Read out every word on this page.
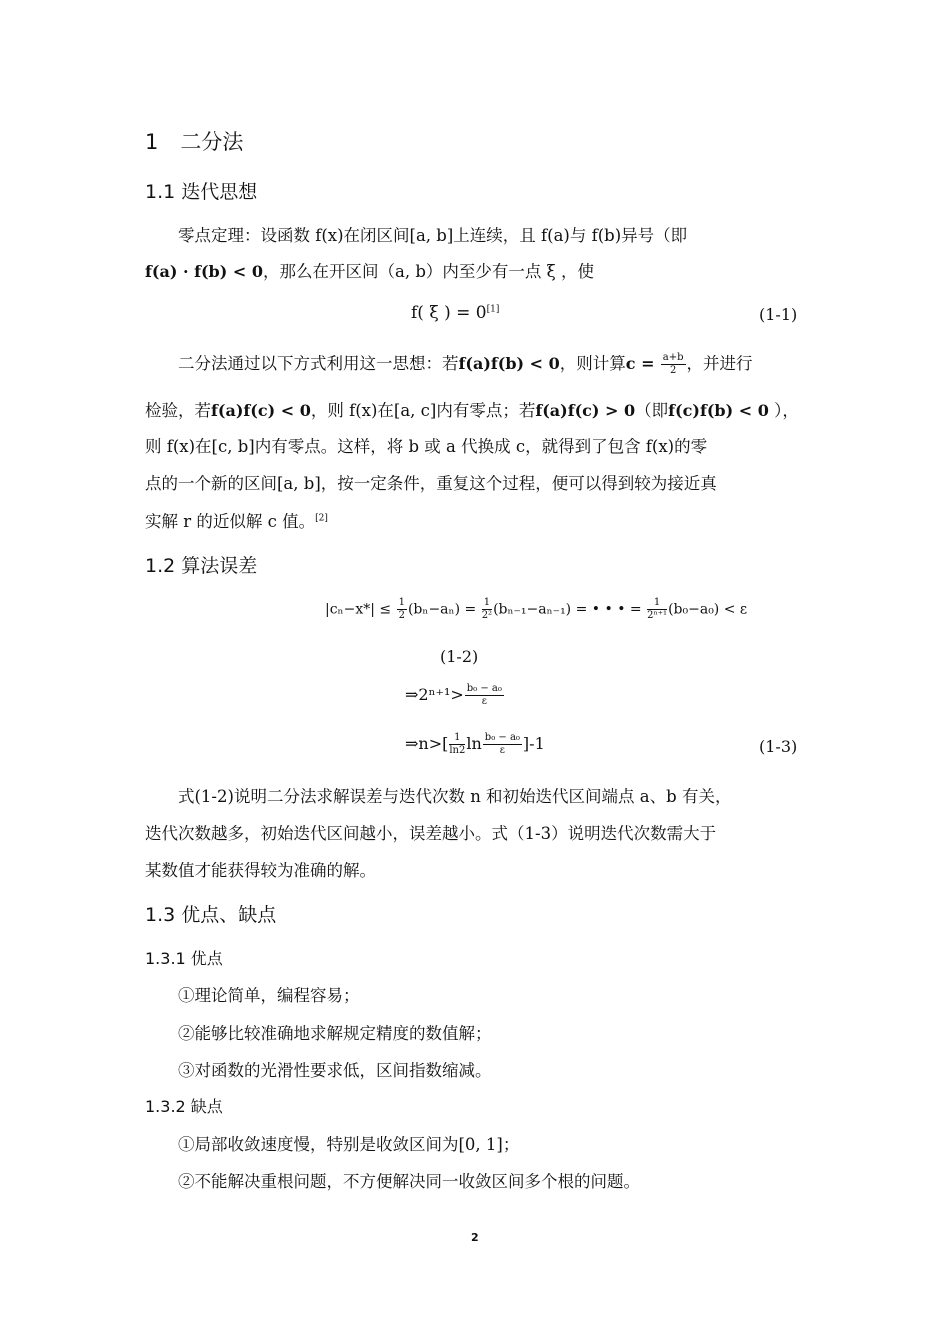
1 二分法
1.1 迭代思想
零点定理：设函数 f(x)在闭区间[a, b]上连续，且 f(a)与 f(b)异号（即
f(a) · f(b) < 0，那么在开区间（a, b）内至少有一点 ξ ，使
f( ξ ) = 0[1]	(1-1)
二分法通过以下方式利用这一思想：若f(a)f(b) < 0，则计算$c = \frac{a+b}{2}$ ，并进行
检验，若f(a)f(c) < 0，则 f(x)在[a, c]内有零点；若f(a)f(c) > 0（即f(c)f(b) < 0 ），
则 f(x)在[c, b]内有零点。这样，将 b 或 a 代换成 c，就得到了包含 f(x)的零
点的一个新的区间[a, b]，按一定条件，重复这个过程，便可以得到较为接近真
实解 r 的近似解 c 值。[2]
1.2 算法误差
$|c_n-x*| \le \frac{1}{2} (b_n-a_n) = \frac{1}{\text{2²}} (b_{n-1}-a_{n-1})$ = • • • = $\frac{1}{\text{2ⁿ⁺¹}} (b_0-a_0) < \varepsilon$
(1-2)
⇒2ⁿ⁺¹> $\frac{\text{b₀ − a₀}}{\varepsilon}$
⇒n>[ $\frac{1}{\ln 2}$ $\ln \frac{\text{b₀ − a₀}}{\varepsilon} ]-1$	(1-3)
式(1-2)说明二分法求解误差与迭代次数 n 和初始迭代区间端点 a、b 有关，
迭代次数越多，初始迭代区间越小，误差越小。式（1-3）说明迭代次数需大于
某数值才能获得较为准确的解。
1.3 优点、缺点
1.3.1 优点
①理论简单，编程容易；
②能够比较准确地求解规定精度的数值解；
③对函数的光滑性要求低，区间指数缩减。
1.3.2 缺点
①局部收敛速度慢，特别是收敛区间为[0, 1]；
②不能解决重根问题，不方便解决同一收敛区间多个根的问题。
2
